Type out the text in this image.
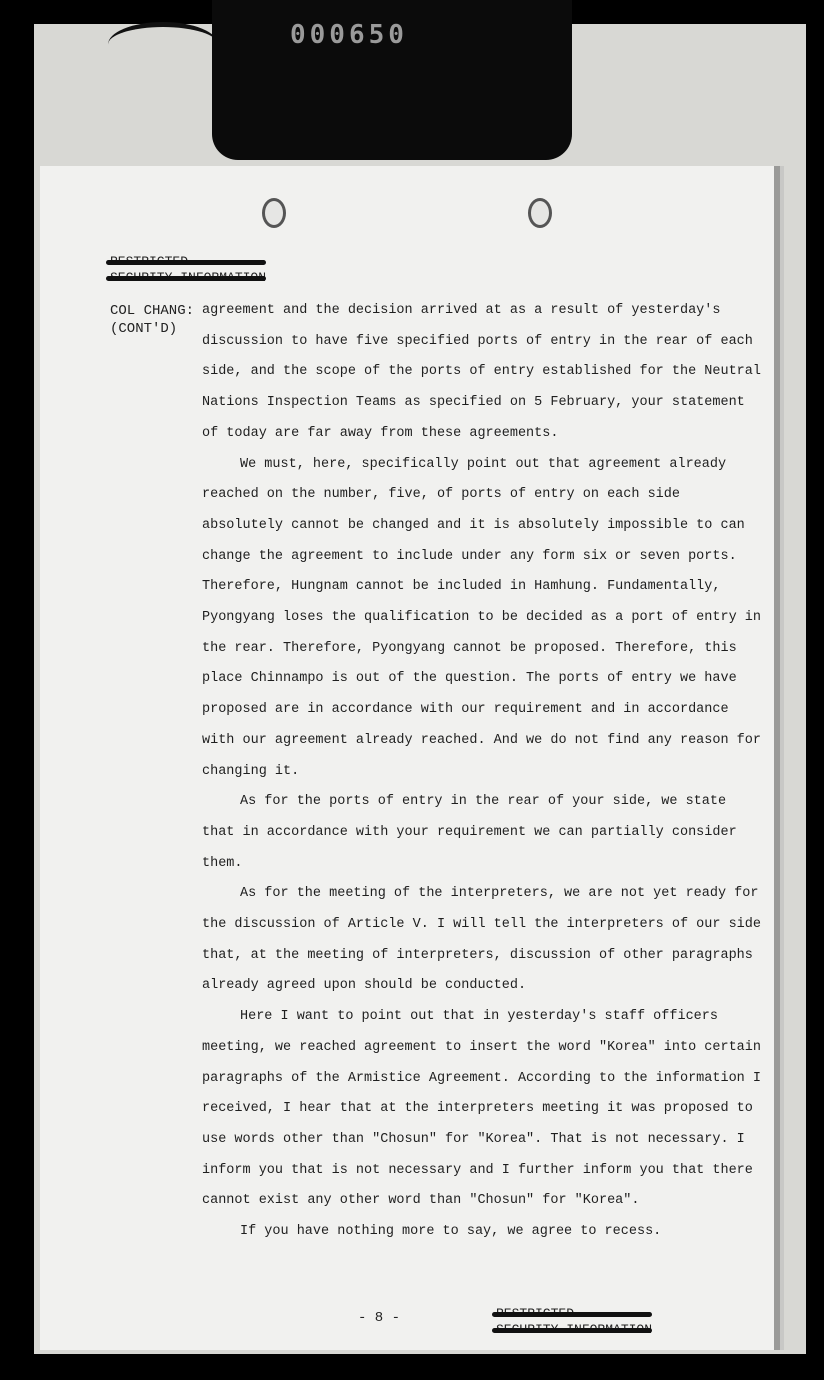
000650
COL CHANG:
(CONT'D)

agreement and the decision arrived at as a result of yesterday's discussion to have five specified ports of entry in the rear of each side, and the scope of the ports of entry established for the Neutral Nations Inspection Teams as specified on 5 February, your statement of today are far away from these agreements.

We must, here, specifically point out that agreement already reached on the number, five, of ports of entry on each side absolutely cannot be changed and it is absolutely impossible to can change the agreement to include under any form six or seven ports. Therefore, Hungnam cannot be included in Hamhung. Fundamentally, Pyongyang loses the qualification to be decided as a port of entry in the rear. Therefore, Pyongyang cannot be proposed. Therefore, this place Chinnampo is out of the question. The ports of entry we have proposed are in accordance with our requirement and in accordance with our agreement already reached. And we do not find any reason for changing it.

As for the ports of entry in the rear of your side, we state that in accordance with your requirement we can partially consider them.

As for the meeting of the interpreters, we are not yet ready for the discussion of Article V. I will tell the interpreters of our side that, at the meeting of interpreters, discussion of other paragraphs already agreed upon should be conducted.

Here I want to point out that in yesterday's staff officers meeting, we reached agreement to insert the word "Korea" into certain paragraphs of the Armistice Agreement. According to the information I received, I hear that at the interpreters meeting it was proposed to use words other than "Chosun" for "Korea". That is not necessary. I inform you that is not necessary and I further inform you that there cannot exist any other word than "Chosun" for "Korea".

If you have nothing more to say, we agree to recess.

- 8 -
